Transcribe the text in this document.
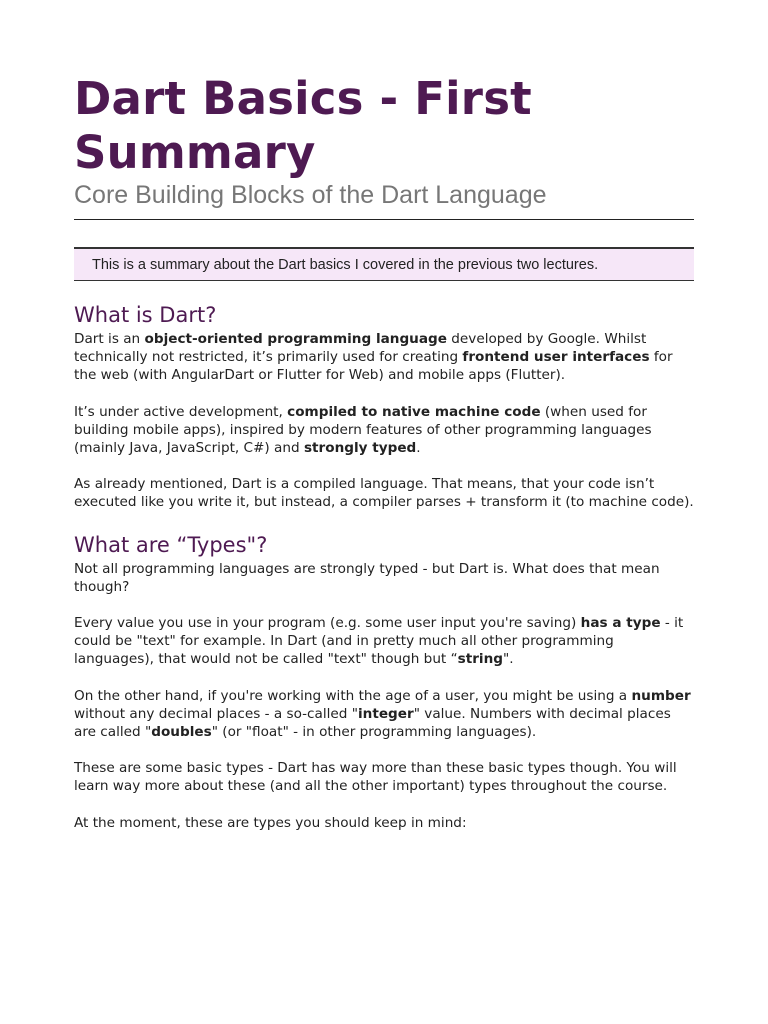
Dart Basics - First Summary
Core Building Blocks of the Dart Language
This is a summary about the Dart basics I covered in the previous two lectures.
What is Dart?

Dart is an object-oriented programming language developed by Google. Whilst technically not restricted, it’s primarily used for creating frontend user interfaces for the web (with AngularDart or Flutter for Web) and mobile apps (Flutter).

It’s under active development, compiled to native machine code (when used for building mobile apps), inspired by modern features of other programming languages (mainly Java, JavaScript, C#) and strongly typed.

As already mentioned, Dart is a compiled language. That means, that your code isn’t executed like you write it, but instead, a compiler parses + transform it (to machine code).

What are “Types"?

Not all programming languages are strongly typed - but Dart is. What does that mean though?

Every value you use in your program (e.g. some user input you're saving) has a type - it could be "text" for example. In Dart (and in pretty much all other programming languages), that would not be called "text" though but “string".

On the other hand, if you're working with the age of a user, you might be using a number without any decimal places - a so-called "integer" value. Numbers with decimal places are called "doubles" (or "float" - in other programming languages).

These are some basic types - Dart has way more than these basic types though. You will learn way more about these (and all the other important) types throughout the course.

At the moment, these are types you should keep in mind:
